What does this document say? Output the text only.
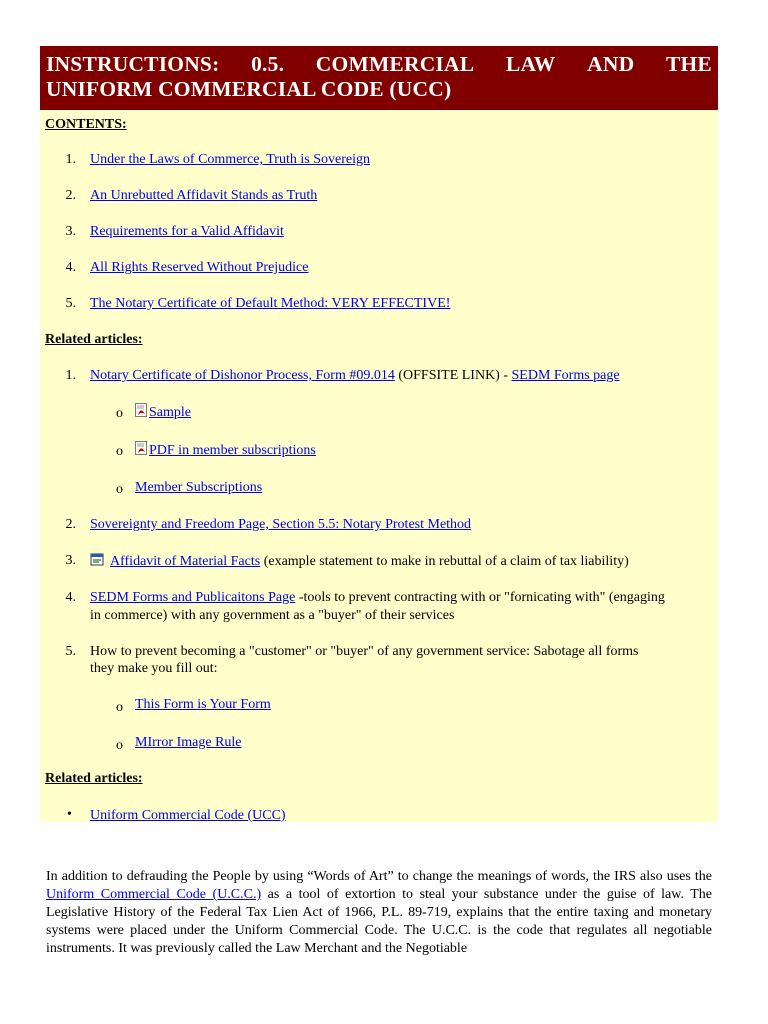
INSTRUCTIONS: 0.5. COMMERCIAL LAW AND THE
UNIFORM COMMERCIAL CODE (UCC)
CONTENTS:
1. Under the Laws of Commerce, Truth is Sovereign
2. An Unrebutted Affidavit Stands as Truth
3. Requirements for a Valid Affidavit
4. All Rights Reserved Without Prejudice
5. The Notary Certificate of Default Method: VERY EFFECTIVE!
Related articles:
1. Notary Certificate of Dishonor Process, Form #09.014 (OFFSITE LINK) - SEDM Forms page
o	Sample
o	PDF in member subscriptions
o Member Subscriptions
2. Sovereignty and Freedom Page, Section 5.5: Notary Protest Method
3.	Affidavit of Material Facts (example statement to make in rebuttal of a claim of tax liability)
4. SEDM Forms and Publicaitons Page -tools to prevent contracting with or "fornicating with" (engaging
in commerce) with any government as a "buyer" of their services
5. How to prevent becoming a "customer" or "buyer" of any government service: Sabotage all forms
they make you fill out:
o This Form is Your Form
o MIrror Image Rule
Related articles:
• Uniform Commercial Code (UCC)

In addition to defrauding the People by using “Words of Art” to change the meanings of words, the IRS also uses the Uniform Commercial Code (U.C.C.) as a tool of extortion to steal your substance under the guise of law. The Legislative History of the Federal Tax Lien Act of 1966, P.L. 89-719, explains that the entire taxing and monetary systems were placed under the Uniform Commercial Code. The U.C.C. is the code that regulates all negotiable instruments. It was previously called the Law Merchant and the Negotiable
